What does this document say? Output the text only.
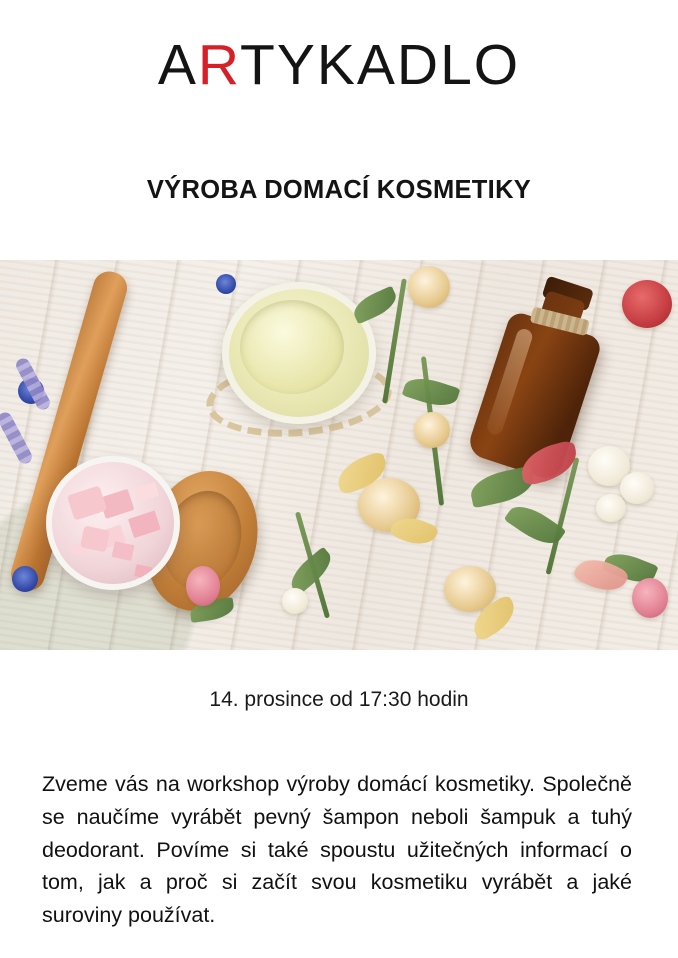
ARTYKADLO
VÝROBA DOMACÍ KOSMETIKY
14. prosince od 17:30 hodin

Zveme vás na workshop výroby domácí kosmetiky. Společně se naučíme vyrábět pevný šampon neboli šampuk a tuhý deodorant. Povíme si také spoustu užitečných informací o tom, jak a proč si začít svou kosmetiku vyrábět a jaké suroviny používat.
